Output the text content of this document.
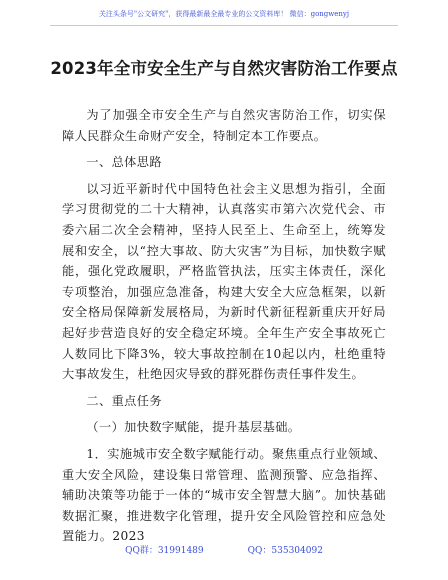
关注头条号"公文研究"，获得最新最全最专业的公文资料库！ 微信：gongwenyj
2023年全市安全生产与自然灾害防治工作要点

为了加强全市安全生产与自然灾害防治工作，切实保障人民群众生命财产安全，特制定本工作要点。

一、总体思路

以习近平新时代中国特色社会主义思想为指引，全面学习贯彻党的二十大精神，认真落实市第六次党代会、市委六届二次全会精神，坚持人民至上、生命至上，统筹发展和安全，以“控大事故、防大灾害”为目标，加快数字赋能，强化党政履职，严格监管执法，压实主体责任，深化专项整治，加强应急准备，构建大安全大应急框架，以新安全格局保障新发展格局，为新时代新征程新重庆开好局起好步营造良好的安全稳定环境。全年生产安全事故死亡人数同比下降3%，较大事故控制在10起以内，杜绝重特大事故发生，杜绝因灾导致的群死群伤责任事件发生。

二、重点任务

（一）加快数字赋能，提升基层基础。

1．实施城市安全数字赋能行动。聚焦重点行业领域、重大安全风险，建设集日常管理、监测预警、应急指挥、辅助决策等功能于一体的“城市安全智慧大脑”。加快基础数据汇聚，推进数字化管理，提升安全风险管控和应急处置能力。2023

QQ群：31991489	QQ：535304092
